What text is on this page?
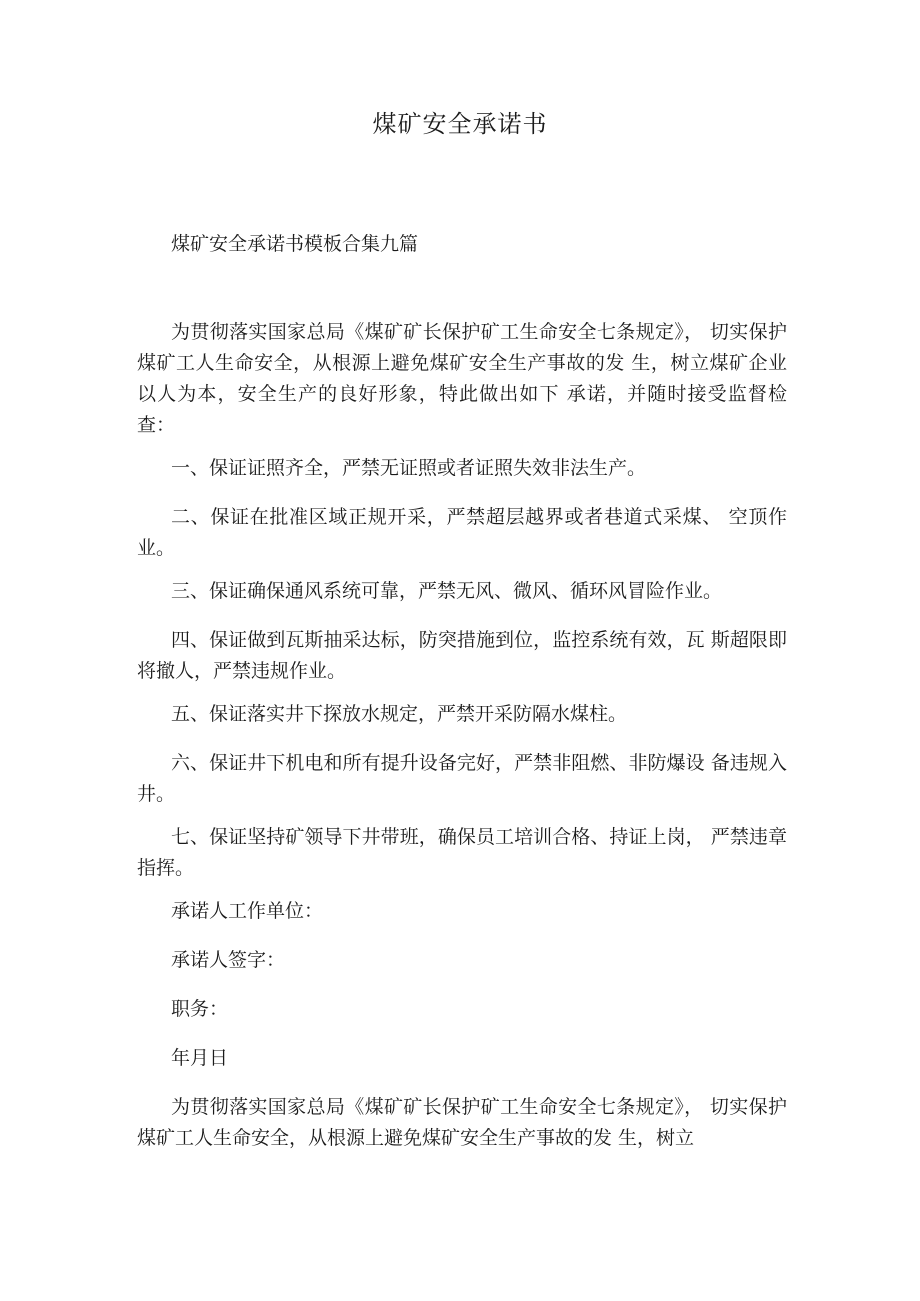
煤矿安全承诺书
煤矿安全承诺书模板合集九篇

为贯彻落实国家总局《煤矿矿长保护矿工生命安全七条规定》， 切实保护煤矿工人生命安全，从根源上避免煤矿安全生产事故的发 生，树立煤矿企业以人为本，安全生产的良好形象，特此做出如下 承诺，并随时接受监督检查：

一、保证证照齐全，严禁无证照或者证照失效非法生产。

二、保证在批准区域正规开采，严禁超层越界或者巷道式采煤、 空顶作业。

三、保证确保通风系统可靠，严禁无风、微风、循环风冒险作业。

四、保证做到瓦斯抽采达标，防突措施到位，监控系统有效，瓦 斯超限即将撤人，严禁违规作业。

五、保证落实井下探放水规定，严禁开采防隔水煤柱。

六、保证井下机电和所有提升设备完好，严禁非阻燃、非防爆设 备违规入井。

七、保证坚持矿领导下井带班，确保员工培训合格、持证上岗， 严禁违章指挥。

承诺人工作单位：

承诺人签字：

职务：

年月日

为贯彻落实国家总局《煤矿矿长保护矿工生命安全七条规定》， 切实保护煤矿工人生命安全，从根源上避免煤矿安全生产事故的发 生，树立
